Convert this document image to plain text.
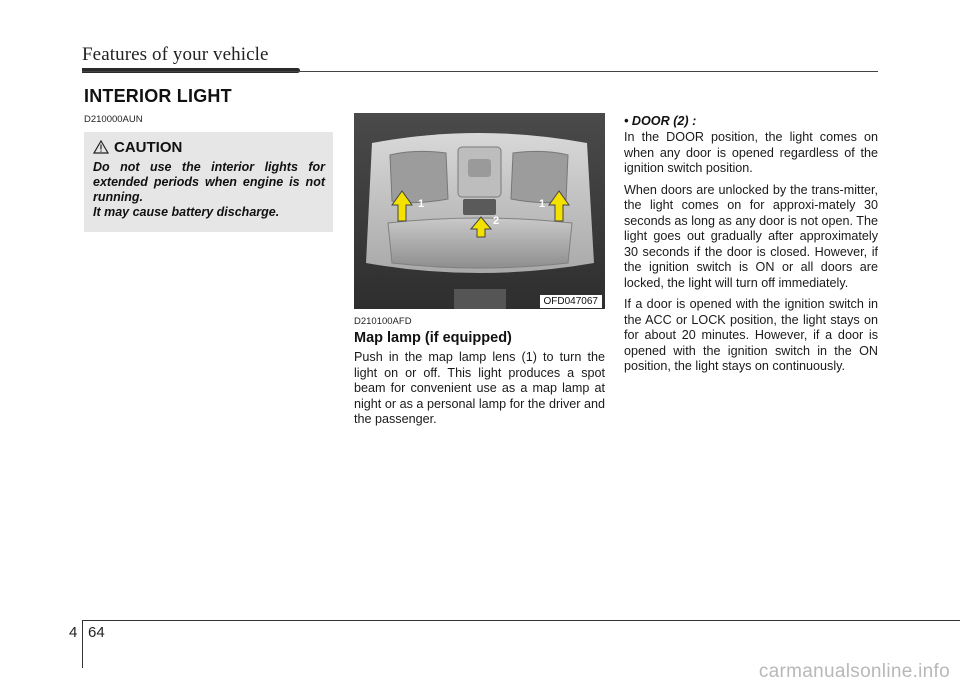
Features of your vehicle
INTERIOR LIGHT
D210000AUN
CAUTION

Do not use the interior lights for extended periods when engine is not running.

It may cause battery discharge.

1	1
2
OFD047067
D210100AFD
Map lamp (if equipped)

Push in the map lamp lens (1) to turn the light on or off. This light produces a spot beam for convenient use as a map lamp at night or as a personal lamp for the driver and the passenger.

• DOOR (2) :

In the DOOR position, the light comes on when any door is opened regardless of the ignition switch position.

When doors are unlocked by the trans-mitter, the light comes on for approxi-mately 30 seconds as long as any door is not open. The light goes out gradually after approximately 30 seconds if the door is closed. However, if the ignition switch is ON or all doors are locked, the light will turn off immediately.

If a door is opened with the ignition switch in the ACC or LOCK position, the light stays on for about 20 minutes. However, if a door is opened with the ignition switch in the ON position, the light stays on continuously.

4 64
carmanualsonline.info
